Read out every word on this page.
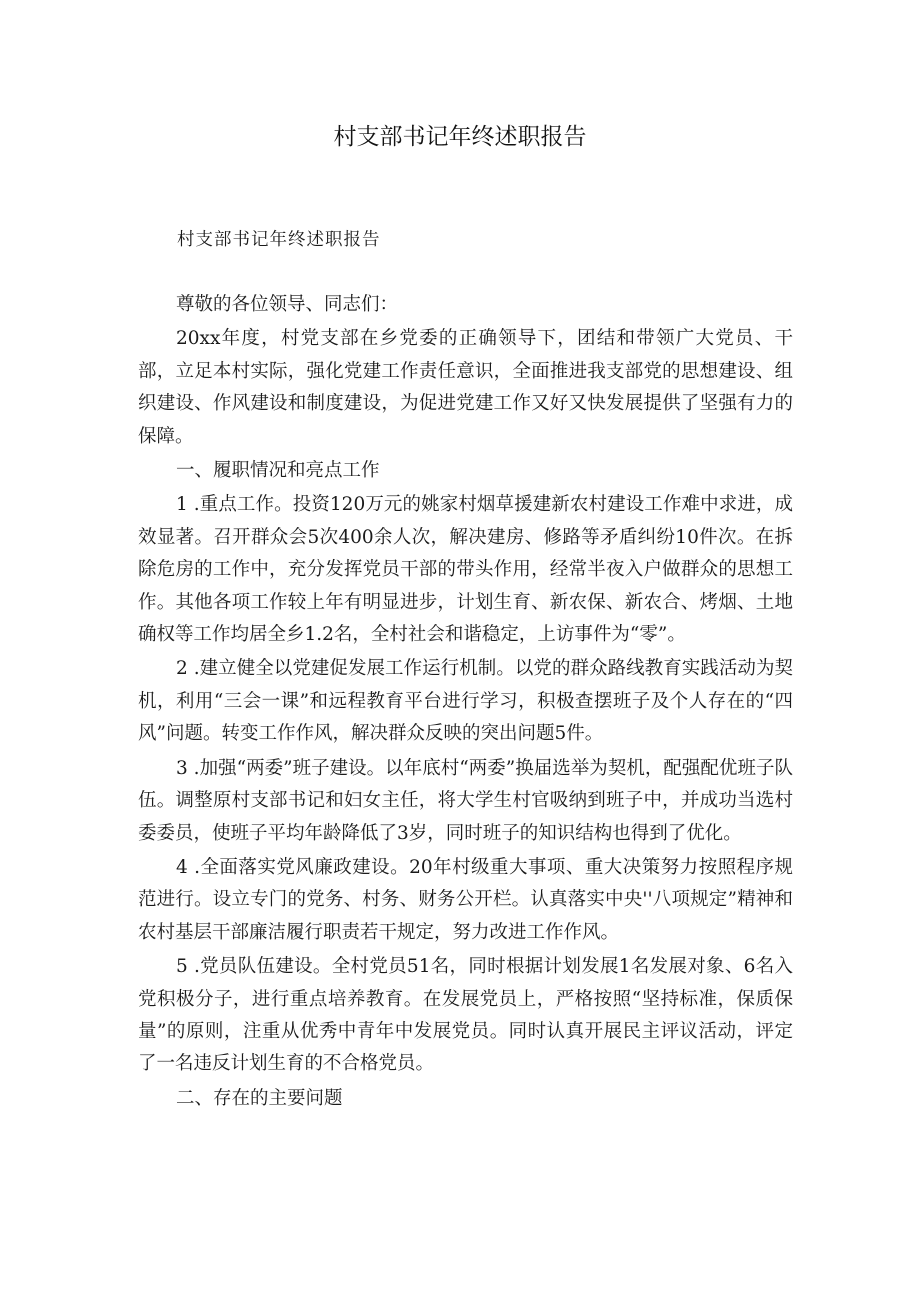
村支部书记年终述职报告
村支部书记年终述职报告

尊敬的各位领导、同志们：

20xx年度，村党支部在乡党委的正确领导下，团结和带领广大党员、干部，立足本村实际，强化党建工作责任意识，全面推进我支部党的思想建设、组织建设、作风建设和制度建设，为促进党建工作又好又快发展提供了坚强有力的保障。

一、履职情况和亮点工作

1 .重点工作。投资120万元的姚家村烟草援建新农村建设工作难中求进，成效显著。召开群众会5次400余人次，解决建房、修路等矛盾纠纷10件次。在拆除危房的工作中，充分发挥党员干部的带头作用，经常半夜入户做群众的思想工作。其他各项工作较上年有明显进步，计划生育、新农保、新农合、烤烟、土地确权等工作均居全乡1.2名，全村社会和谐稳定，上访事件为“零”。

2 .建立健全以党建促发展工作运行机制。以党的群众路线教育实践活动为契机，利用“三会一课”和远程教育平台进行学习，积极查摆班子及个人存在的“四风”问题。转变工作作风，解决群众反映的突出问题5件。

3 .加强“两委”班子建设。以年底村“两委”换届选举为契机，配强配优班子队伍。调整原村支部书记和妇女主任，将大学生村官吸纳到班子中，并成功当选村委委员，使班子平均年龄降低了3岁，同时班子的知识结构也得到了优化。

4 .全面落实党风廉政建设。20年村级重大事项、重大决策努力按照程序规范进行。设立专门的党务、村务、财务公开栏。认真落实中央''八项规定”精神和农村基层干部廉洁履行职责若干规定，努力改进工作作风。

5 .党员队伍建设。全村党员51名，同时根据计划发展1名发展对象、6名入党积极分子，进行重点培养教育。在发展党员上，严格按照“坚持标准，保质保量”的原则，注重从优秀中青年中发展党员。同时认真开展民主评议活动，评定了一名违反计划生育的不合格党员。

二、存在的主要问题
